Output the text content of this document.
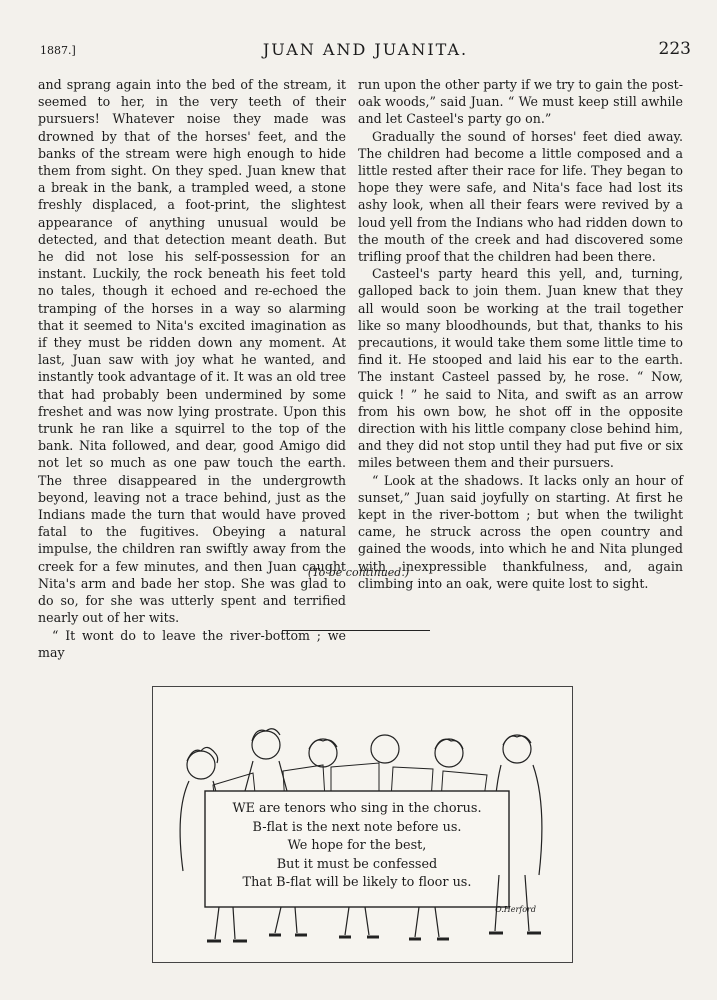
1887.]	JUAN AND JUANITA.	223

and sprang again into the bed of the stream, it seemed to her, in the very teeth of their pursuers! Whatever noise they made was drowned by that of the horses' feet, and the banks of the stream were high enough to hide them from sight. On they sped. Juan knew that a break in the bank, a trampled weed, a stone freshly displaced, a foot-print, the slightest appearance of anything unusual would be detected, and that detection meant death. But he did not lose his self-possession for an instant. Luckily, the rock beneath his feet told no tales, though it echoed and re-echoed the tramping of the horses in a way so alarming that it seemed to Nita's excited imagination as if they must be ridden down any moment. At last, Juan saw with joy what he wanted, and instantly took advantage of it. It was an old tree that had probably been undermined by some freshet and was now lying prostrate. Upon this trunk he ran like a squirrel to the top of the bank. Nita followed, and dear, good Amigo did not let so much as one paw touch the earth. The three disappeared in the undergrowth beyond, leaving not a trace behind, just as the Indians made the turn that would have proved fatal to the fugitives. Obeying a natural impulse, the children ran swiftly away from the creek for a few minutes, and then Juan caught Nita's arm and bade her stop. She was glad to do so, for she was utterly spent and terrified nearly out of her wits.

“ It wont do to leave the river-bottom ; we may

run upon the other party if we try to gain the post-oak woods,” said Juan. “ We must keep still awhile and let Casteel's party go on.”

Gradually the sound of horses' feet died away. The children had become a little composed and a little rested after their race for life. They began to hope they were safe, and Nita's face had lost its ashy look, when all their fears were revived by a loud yell from the Indians who had ridden down to the mouth of the creek and had discovered some trifling proof that the children had been there.

Casteel's party heard this yell, and, turning, galloped back to join them. Juan knew that they all would soon be working at the trail together like so many bloodhounds, but that, thanks to his precautions, it would take them some little time to find it. He stooped and laid his ear to the earth. The instant Casteel passed by, he rose. “ Now, quick ! ” he said to Nita, and swift as an arrow from his own bow, he shot off in the opposite direction with his little company close behind him, and they did not stop until they had put five or six miles between them and their pursuers.

“ Look at the shadows. It lacks only an hour of sunset,” Juan said joyfully on starting. At first he kept in the river-bottom ; but when the twilight came, he struck across the open country and gained the woods, into which he and Nita plunged with inexpressible thankfulness, and, again climbing into an oak, were quite lost to sight.

(To be continued.)
WE are tenors who sing in the chorus.
B-flat is the next note before us.
We hope for the best,
But it must be confessed
That B-flat will be likely to floor us.
O.Herford
